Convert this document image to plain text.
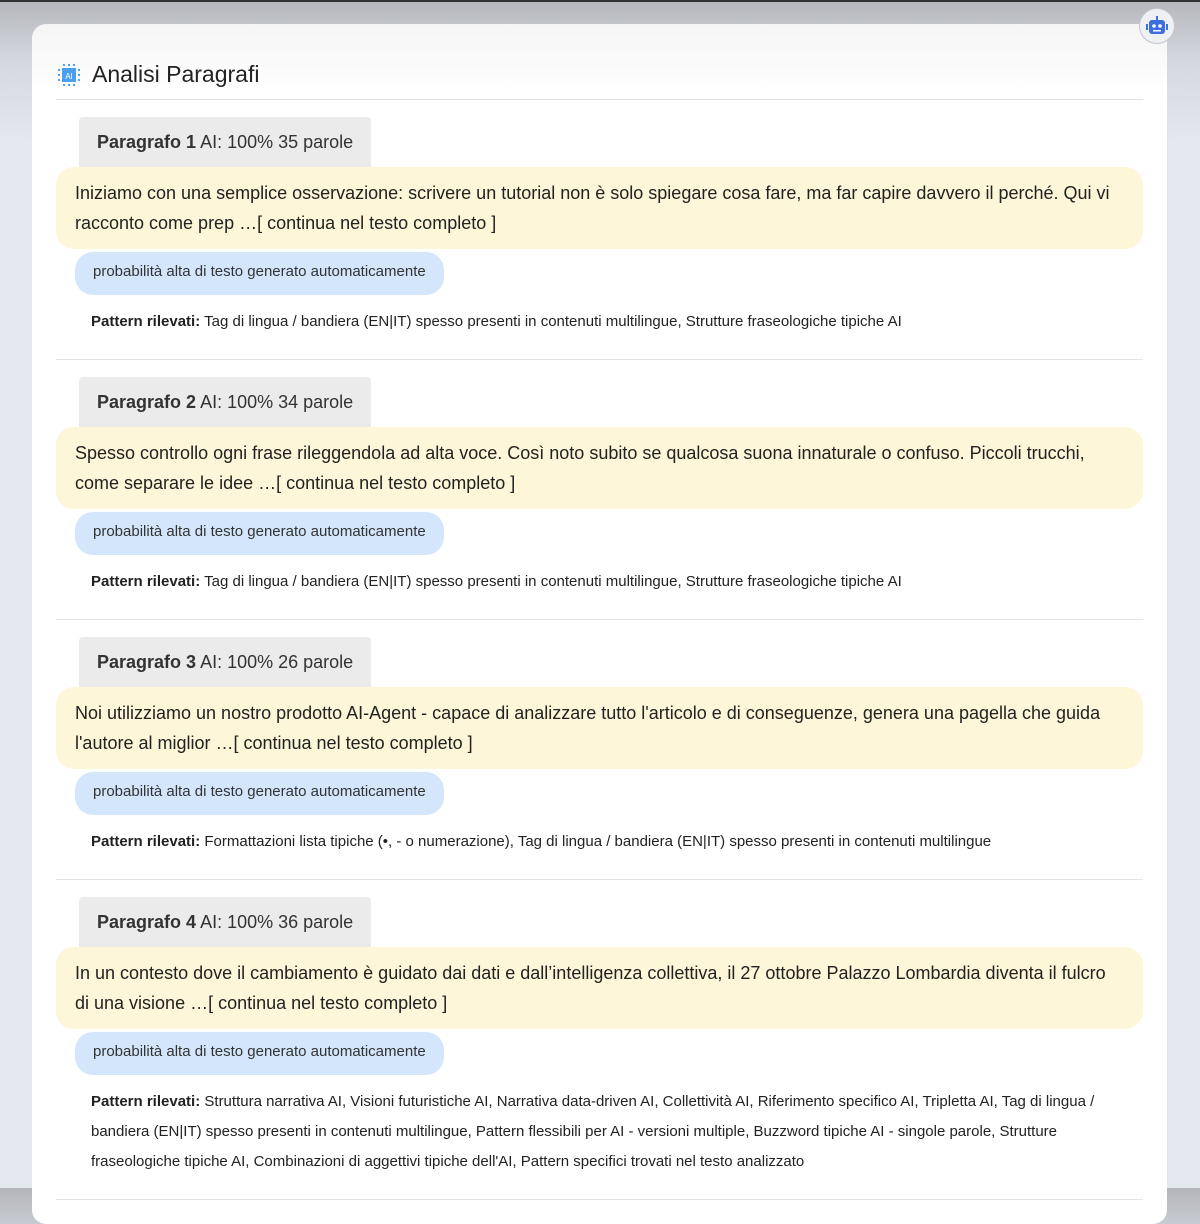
AI Analisi Paragrafi
Paragrafo 1 AI: 100% 35 parole
Iniziamo con una semplice osservazione: scrivere un tutorial non è solo spiegare cosa fare, ma far capire davvero il perché. Qui vi racconto come prep …[ continua nel testo completo ]
probabilità alta di testo generato automaticamente
Pattern rilevati: Tag di lingua / bandiera (EN|IT) spesso presenti in contenuti multilingue, Strutture fraseologiche tipiche AI
Paragrafo 2 AI: 100% 34 parole
Spesso controllo ogni frase rileggendola ad alta voce. Così noto subito se qualcosa suona innaturale o confuso. Piccoli trucchi, come separare le idee …[ continua nel testo completo ]
probabilità alta di testo generato automaticamente
Pattern rilevati: Tag di lingua / bandiera (EN|IT) spesso presenti in contenuti multilingue, Strutture fraseologiche tipiche AI
Paragrafo 3 AI: 100% 26 parole
Noi utilizziamo un nostro prodotto AI-Agent - capace di analizzare tutto l'articolo e di conseguenze, genera una pagella che guida l'autore al miglior …[ continua nel testo completo ]
probabilità alta di testo generato automaticamente
Pattern rilevati: Formattazioni lista tipiche (•, - o numerazione), Tag di lingua / bandiera (EN|IT) spesso presenti in contenuti multilingue
Paragrafo 4 AI: 100% 36 parole
In un contesto dove il cambiamento è guidato dai dati e dall’intelligenza collettiva, il 27 ottobre Palazzo Lombardia diventa il fulcro di una visione …[ continua nel testo completo ]
probabilità alta di testo generato automaticamente
Pattern rilevati: Struttura narrativa AI, Visioni futuristiche AI, Narrativa data-driven AI, Collettività AI, Riferimento specifico AI, Tripletta AI, Tag di lingua / bandiera (EN|IT) spesso presenti in contenuti multilingue, Pattern flessibili per AI - versioni multiple, Buzzword tipiche AI - singole parole, Strutture fraseologiche tipiche AI, Combinazioni di aggettivi tipiche dell'AI, Pattern specifici trovati nel testo analizzato
